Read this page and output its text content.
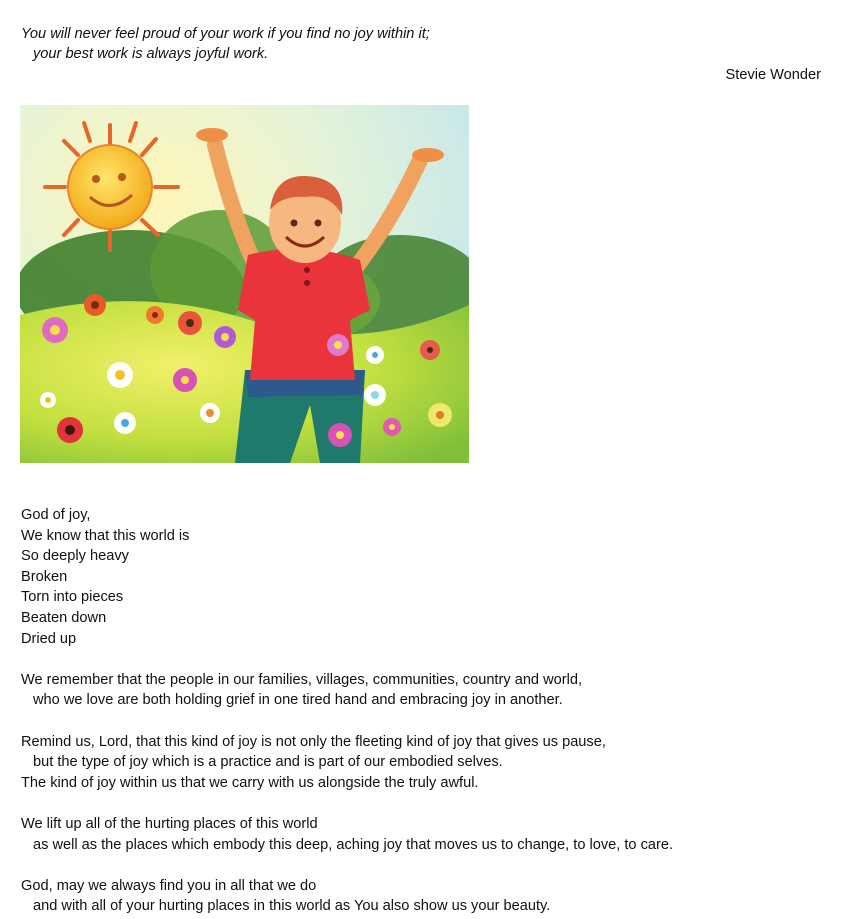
You will never feel proud of your work if you find no joy within it;
your best work is always joyful work.
Stevie Wonder
God of joy,
We know that this world is
So deeply heavy
Broken
Torn into pieces
Beaten down
Dried up
We remember that the people in our families, villages, communities, country and world,
who we love are both holding grief in one tired hand and embracing joy in another.
Remind us, Lord, that this kind of joy is not only the fleeting kind of joy that gives us pause,
but the type of joy which is a practice and is part of our embodied selves.
The kind of joy within us that we carry with us alongside the truly awful.
We lift up all of the hurting places of this world
as well as the places which embody this deep, aching joy that moves us to change, to love, to care.
God, may we always find you in all that we do
and with all of your hurting places in this world as You also show us your beauty.
